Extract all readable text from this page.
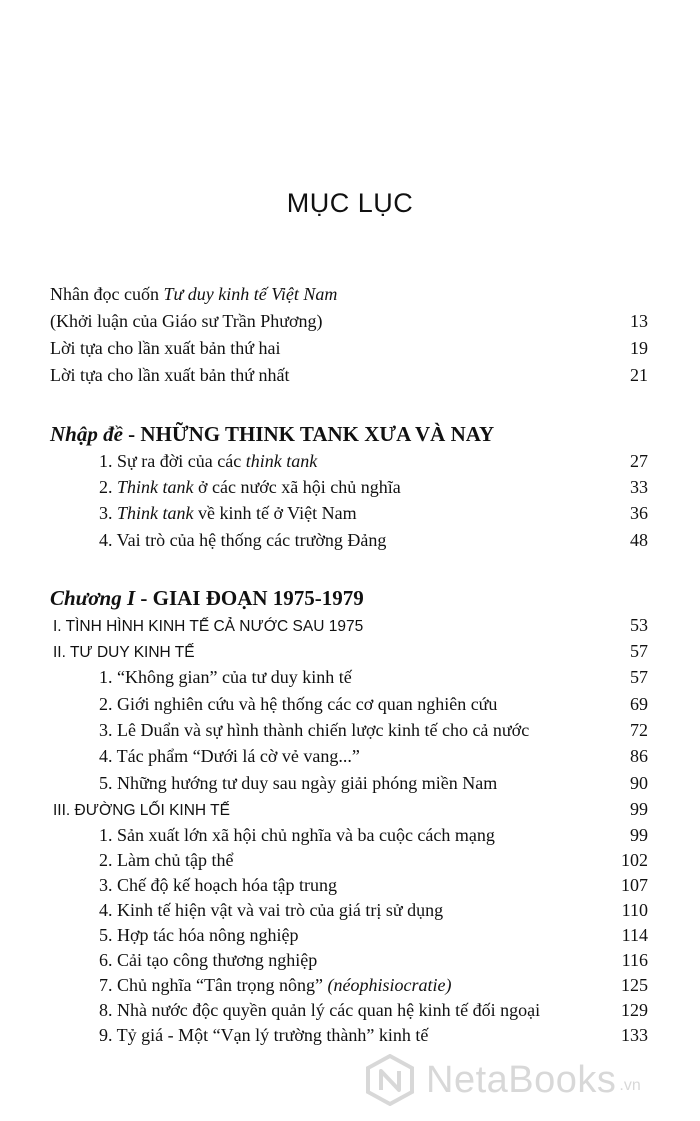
MỤC LỤC
Nhân đọc cuốn Tư duy kinh tế Việt Nam
(Khởi luận của Giáo sư Trần Phương)	13
Lời tựa cho lần xuất bản thứ hai	19
Lời tựa cho lần xuất bản thứ nhất	21
Nhập đề - NHỮNG THINK TANK XƯA VÀ NAY
1. Sự ra đời của các think tank	27
2. Think tank ở các nước xã hội chủ nghĩa	33
3. Think tank về kinh tế ở Việt Nam	36
4. Vai trò của hệ thống các trường Đảng	48
Chương I - GIAI ĐOẠN 1975-1979
I. TÌNH HÌNH KINH TẾ CẢ NƯỚC SAU 1975	53
II. TƯ DUY KINH TẾ	57
1. “Không gian” của tư duy kinh tế	57
2. Giới nghiên cứu và hệ thống các cơ quan nghiên cứu	69
3. Lê Duẩn và sự hình thành chiến lược kinh tế cho cả nước	72
4. Tác phẩm “Dưới lá cờ vẻ vang...”	86
5. Những hướng tư duy sau ngày giải phóng miền Nam	90
III. ĐƯỜNG LỐI KINH TẾ	99
1. Sản xuất lớn xã hội chủ nghĩa và ba cuộc cách mạng	99
2. Làm chủ tập thể	102
3. Chế độ kế hoạch hóa tập trung	107
4. Kinh tế hiện vật và vai trò của giá trị sử dụng	110
5. Hợp tác hóa nông nghiệp	114
6. Cải tạo công thương nghiệp	116
7. Chủ nghĩa “Tân trọng nông” (néophisiocratie)	125
8. Nhà nước độc quyền quản lý các quan hệ kinh tế đối ngoại	129
9. Tỷ giá - Một “Vạn lý trường thành” kinh tế	133
NetaBooks .vn
